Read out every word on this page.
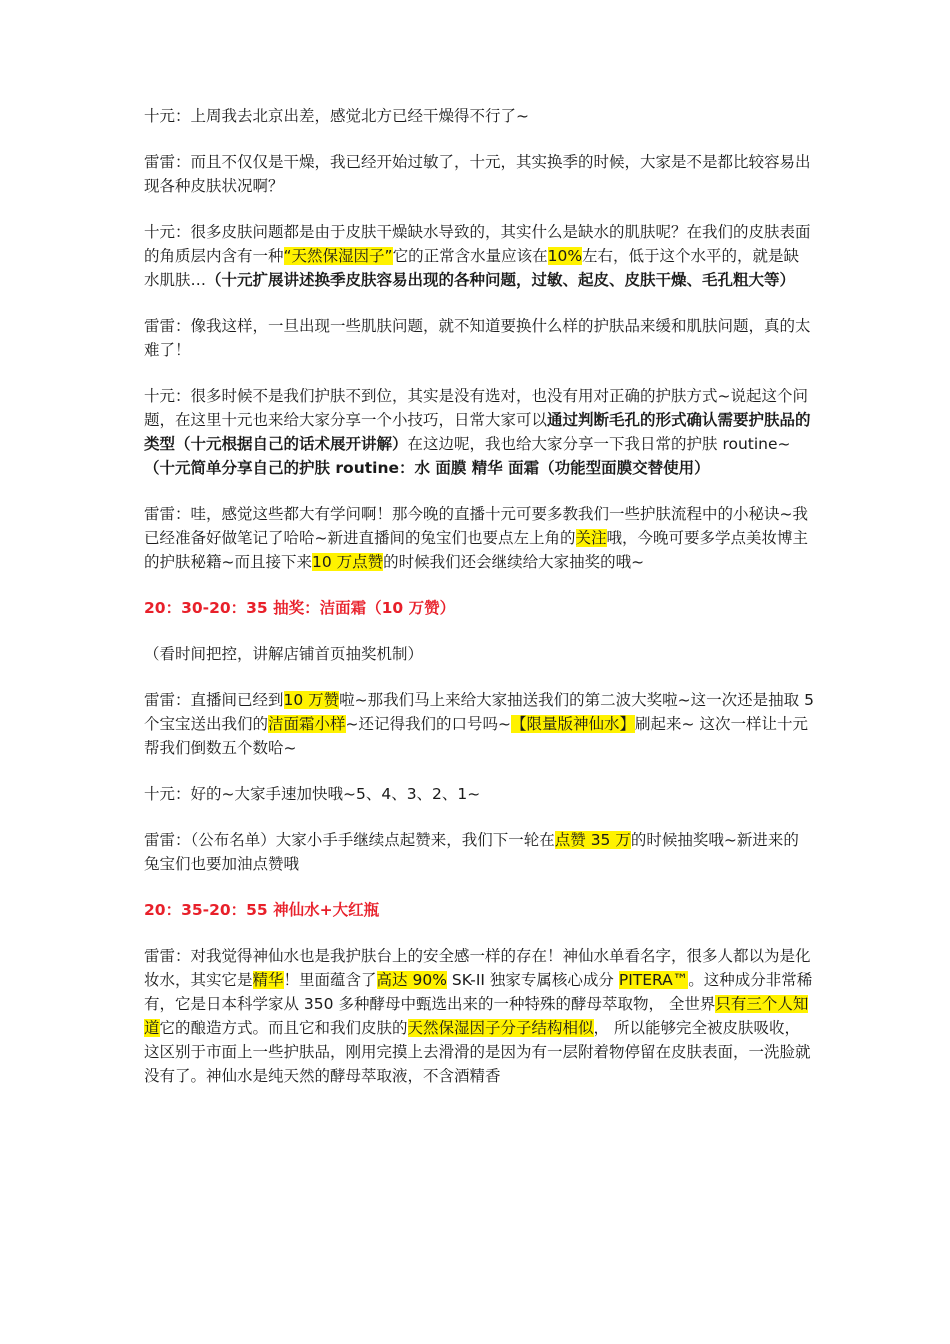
十元：上周我去北京出差，感觉北方已经干燥得不行了~

雷雷：而且不仅仅是干燥，我已经开始过敏了，十元，其实换季的时候，大家是不是都比较容易出现各种皮肤状况啊？

十元：很多皮肤问题都是由于皮肤干燥缺水导致的，其实什么是缺水的肌肤呢？在我们的皮肤表面的角质层内含有一种“天然保湿因子”它的正常含水量应该在10%左右，低于这个水平的，就是缺水肌肤…（十元扩展讲述换季皮肤容易出现的各种问题，过敏、起皮、皮肤干燥、毛孔粗大等）

雷雷：像我这样，一旦出现一些肌肤问题，就不知道要换什么样的护肤品来缓和肌肤问题，真的太难了！

十元：很多时候不是我们护肤不到位，其实是没有选对，也没有用对正确的护肤方式~说起这个问题，在这里十元也来给大家分享一个小技巧，日常大家可以通过判断毛孔的形式确认需要护肤品的类型（十元根据自己的话术展开讲解）在这边呢，我也给大家分享一下我日常的护肤 routine~（十元简单分享自己的护肤 routine：水 面膜 精华 面霜（功能型面膜交替使用）

雷雷：哇，感觉这些都大有学问啊！那今晚的直播十元可要多教我们一些护肤流程中的小秘诀~我已经准备好做笔记了哈哈~新进直播间的兔宝们也要点左上角的关注哦，今晚可要多学点美妆博主的护肤秘籍~而且接下来10 万点赞的时候我们还会继续给大家抽奖的哦~

20：30-20：35 抽奖：洁面霜（10 万赞）

（看时间把控，讲解店铺首页抽奖机制）

雷雷：直播间已经到10 万赞啦~那我们马上来给大家抽送我们的第二波大奖啦~这一次还是抽取 5 个宝宝送出我们的洁面霜小样~还记得我们的口号吗~【限量版神仙水】刷起来~ 这次一样让十元帮我们倒数五个数哈~

十元：好的~大家手速加快哦~5、4、3、2、1~

雷雷：（公布名单）大家小手手继续点起赞来，我们下一轮在点赞 35 万的时候抽奖哦~新进来的兔宝们也要加油点赞哦

20：35-20：55 神仙水+大红瓶

雷雷：对我觉得神仙水也是我护肤台上的安全感一样的存在！神仙水单看名字，很多人都以为是化妆水，其实它是精华！里面蕴含了高达 90% SK-II 独家专属核心成分 PITERA™。这种成分非常稀有，它是日本科学家从 350 多种酵母中甄选出来的一种特殊的酵母萃取物， 全世界只有三个人知道它的酿造方式。而且它和我们皮肤的天然保湿因子分子结构相似， 所以能够完全被皮肤吸收，这区别于市面上一些护肤品，刚用完摸上去滑滑的是因为有一层附着物停留在皮肤表面，一洗脸就没有了。神仙水是纯天然的酵母萃取液，不含酒精香
